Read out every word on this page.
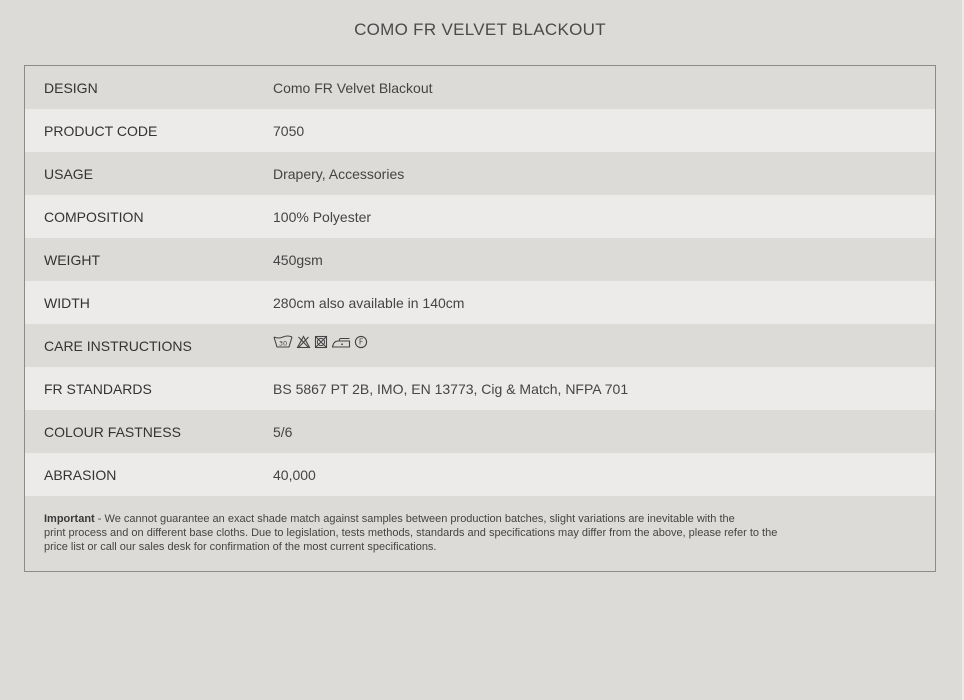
COMO FR VELVET BLACKOUT
DESIGN	Como FR Velvet Blackout
PRODUCT CODE	7050
USAGE	Drapery, Accessories
COMPOSITION	100% Polyester
WEIGHT	450gsm
WIDTH	280cm also available in 140cm
CARE INSTRUCTIONS	30 F

FR STANDARDS	BS 5867 PT 2B, IMO, EN 13773, Cig & Match, NFPA 701
COLOUR FASTNESS	5/6
ABRASION	40,000
Important - We cannot guarantee an exact shade match against samples between production batches, slight variations are inevitable with the
print process and on different base cloths. Due to legislation, tests methods, standards and specifications may differ from the above, please refer to the
price list or call our sales desk for confirmation of the most current specifications.
